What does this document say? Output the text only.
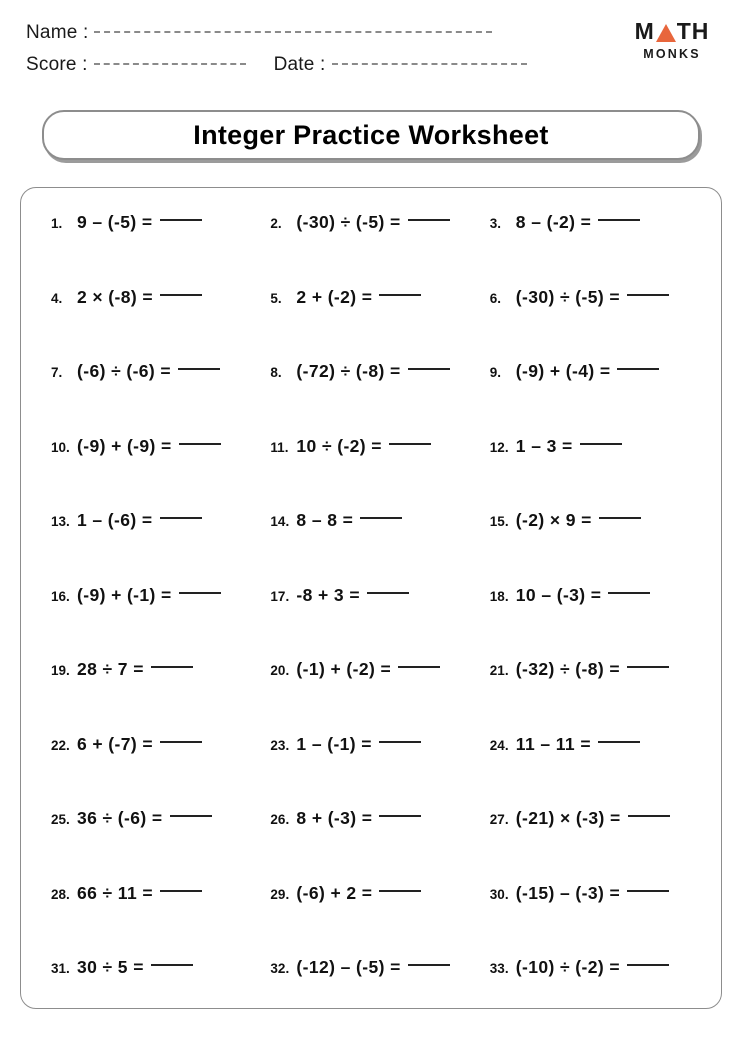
Name :
Score :	Date :
M TH
MONKS
Integer Practice Worksheet
1. 9 – (-5) =	2. (-30) ÷ (-5) =	3. 8 – (-2) =
4. 2 × (-8) =	5. 2 + (-2) =	6. (-30) ÷ (-5) =
7. (-6) ÷ (-6) =	8. (-72) ÷ (-8) =	9. (-9) + (-4) =
10. (-9) + (-9) =	11. 10 ÷ (-2) =	12. 1 – 3 =
13. 1 – (-6) =	14. 8 – 8 =	15. (-2) × 9 =
16. (-9) + (-1) =	17. -8 + 3 =	18. 10 – (-3) =
19. 28 ÷ 7 =	20. (-1) + (-2) =	21. (-32) ÷ (-8) =
22. 6 + (-7) =	23. 1 – (-1) =	24. 11 – 11 =
25. 36 ÷ (-6) =	26. 8 + (-3) =	27. (-21) × (-3) =
28. 66 ÷ 11 =	29. (-6) + 2 =	30. (-15) – (-3) =
31. 30 ÷ 5 =	32. (-12) – (-5) =	33. (-10) ÷ (-2) =
